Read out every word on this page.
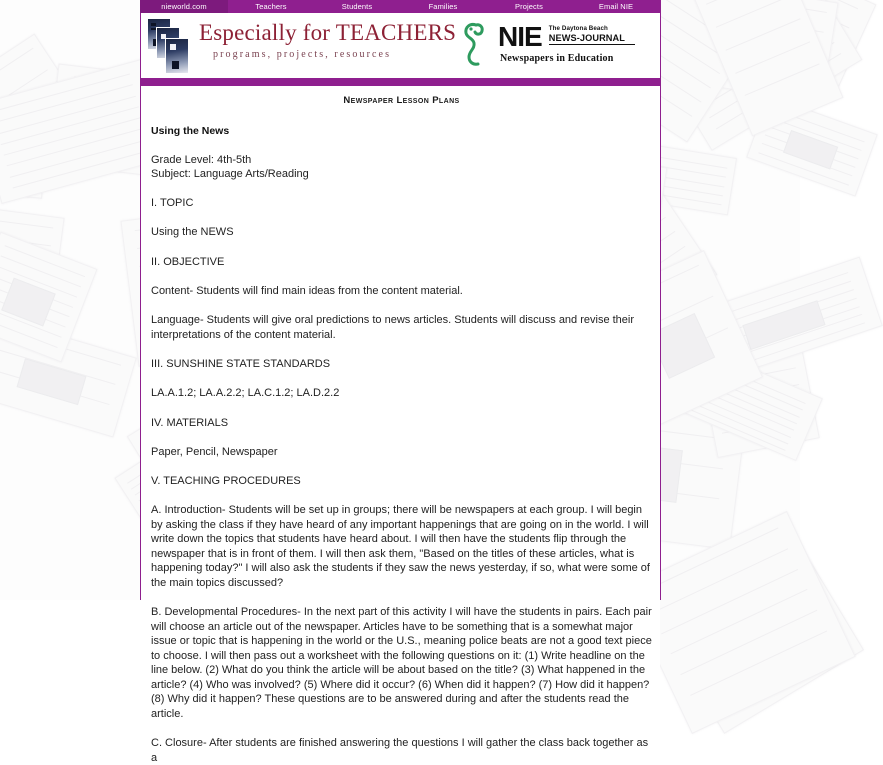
nieworld.com	Teachers	Students	Families	Projects	Email NIE
Especially for TEACHERS
programs, projects, resources
NIE The Daytona Beach
NEWS-JOURNAL
Newspapers in Education
Newspaper Lesson Plans
Using the News
Grade Level: 4th-5th
Subject: Language Arts/Reading
I. TOPIC
Using the NEWS
II. OBJECTIVE
Content- Students will find main ideas from the content material.
Language- Students will give oral predictions to news articles. Students will discuss and revise their interpretations of the content material.
III. SUNSHINE STATE STANDARDS
LA.A.1.2; LA.A.2.2; LA.C.1.2; LA.D.2.2
IV. MATERIALS
Paper, Pencil, Newspaper
V. TEACHING PROCEDURES
A. Introduction- Students will be set up in groups; there will be newspapers at each group. I will begin by asking the class if they have heard of any important happenings that are going on in the world. I will write down the topics that students have heard about. I will then have the students flip through the newspaper that is in front of them. I will then ask them, "Based on the titles of these articles, what is happening today?" I will also ask the students if they saw the news yesterday, if so, what were some of the main topics discussed?
B. Developmental Procedures- In the next part of this activity I will have the students in pairs. Each pair will choose an article out of the newspaper. Articles have to be something that is a somewhat major issue or topic that is happening in the world or the U.S., meaning police beats are not a good text piece to choose. I will then pass out a worksheet with the following questions on it: (1) Write headline on the line below. (2) What do you think the article will be about based on the title? (3) What happened in the article? (4) Who was involved? (5) Where did it occur? (6) When did it happen? (7) How did it happen? (8) Why did it happen? These questions are to be answered during and after the students read the article.
C. Closure- After students are finished answering the questions I will gather the class back together as a
